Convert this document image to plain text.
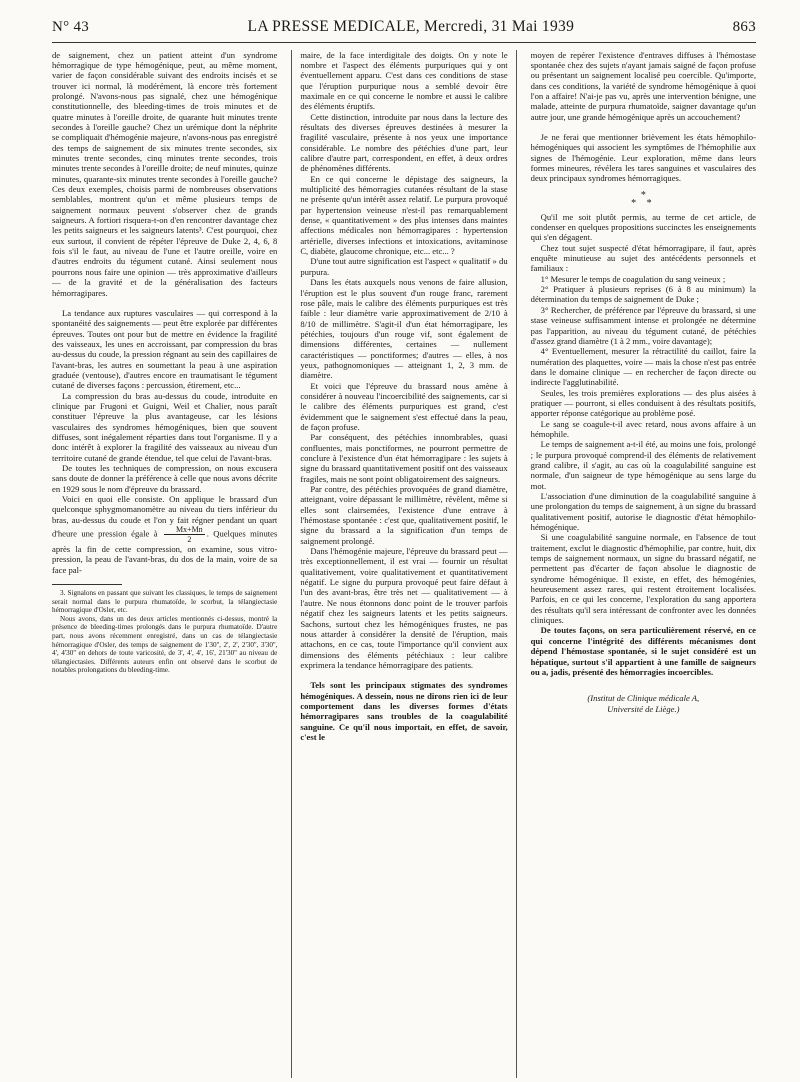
N° 43	LA PRESSE MEDICALE, Mercredi, 31 Mai 1939	863

de saignement, chez un patient atteint d'un syndrome hémorragique de type hémogénique, peut, au même moment, varier de façon considérable suivant des endroits incisés et se trouver ici normal, là modérément, là encore très fortement prolongé. N'avons-nous pas signalé, chez une hémogénique constitutionnelle, des bleeding-times de trois minutes et de quatre minutes à l'oreille droite, de quarante huit minutes trente secondes à l'oreille gauche? Chez un urémique dont la néphrite se compliquait d'hémogénie majeure, n'avons-nous pas enregistré des temps de saignement de six minutes trente secondes, six minutes trente secondes, cinq minutes trente secondes, trois minutes trente secondes à l'oreille droite; de neuf minutes, quinze minutes, quarante-six minutes trente secondes à l'oreille gauche? Ces deux exemples, choisis parmi de nombreuses observations semblables, montrent qu'un et même plusieurs temps de saignement normaux peuvent s'observer chez de grands saigneurs. A fortiori risquera-t-on d'en rencontrer davantage chez les petits saigneurs et les saigneurs latents³. C'est pourquoi, chez eux surtout, il convient de répéter l'épreuve de Duke 2, 4, 6, 8 fois s'il le faut, au niveau de l'une et l'autre oreille, voire en d'autres endroits du tégument cutané. Ainsi seulement nous pourrons nous faire une opinion — très approximative d'ailleurs — de la gravité et de la généralisation des facteurs hémorragipares.

La tendance aux ruptures vasculaires — qui correspond à la spontanéité des saignements — peut être explorée par différentes épreuves. Toutes ont pour but de mettre en évidence la fragilité des vaisseaux, les unes en accroissant, par compression du bras au-dessus du coude, la pression régnant au sein des capillaires de l'avant-bras, les autres en soumettant la peau à une aspiration graduée (ventouse), d'autres encore en traumatisant le tégument cutané de diverses façons : percussion, étirement, etc...

La compression du bras au-dessus du coude, introduite en clinique par Frugoni et Guigni, Weil et Chalier, nous paraît constituer l'épreuve la plus avantageuse, car les lésions vasculaires des syndromes hémogéniques, bien que souvent diffuses, sont inégalement réparties dans tout l'organisme. Il y a donc intérêt à explorer la fragilité des vaisseaux au niveau d'un territoire cutané de grande étendue, tel que celui de l'avant-bras.

De toutes les techniques de compression, on nous excusera sans doute de donner la préférence à celle que nous avons décrite en 1929 sous le nom d'épreuve du brassard.

Voici en quoi elle consiste. On applique le brassard d'un quelconque sphygmomanomètre au niveau du tiers inférieur du bras, au-dessus du coude et l'on y fait régner pendant un quart d'heure une pression égale à $\frac{Mx+Mn}{2}$ . Quelques minutes après la fin de cette compression, on examine, sous vitro-pression, la peau de l'avant-bras, du dos de la main, voire de sa face pal-

3. Signalons en passant que suivant les classiques, le temps de saignement serait normal dans le purpura rhumatoïde, le scorbut, la télangiectasie hémorragique d'Osler, etc.

Nous avons, dans un des deux articles mentionnés ci-dessus, montré la présence de bleeding-times prolongés dans le purpura rhumatoïde. D'autre part, nous avons récemment enregistré, dans un cas de télangiectasie hémorragique d'Osler, des temps de saignement de 1'30'', 2', 2', 2'30'', 3'30'', 4', 4'30'' en dehors de toute varicosité, de 3', 4', 4', 16', 21'30'' au niveau de télangiectasies. Différents auteurs enfin ont observé dans le scorbut de notables prolongations du bleeding-time.

maire, de la face interdigitale des doigts. On y note le nombre et l'aspect des éléments purpuriques qui y ont éventuellement apparu. C'est dans ces conditions de stase que l'éruption purpurique nous a semblé devoir être maximale en ce qui concerne le nombre et aussi le calibre des éléments éruptifs.

Cette distinction, introduite par nous dans la lecture des résultats des diverses épreuves destinées à mesurer la fragilité vasculaire, présente à nos yeux une importance considérable. Le nombre des pétéchies d'une part, leur calibre d'autre part, correspondent, en effet, à deux ordres de phénomènes différents.

En ce qui concerne le dépistage des saigneurs, la multiplicité des hémorragies cutanées résultant de la stase ne présente qu'un intérêt assez relatif. Le purpura provoqué par hypertension veineuse n'est-il pas remarquablement dense, « quantitativement » des plus intenses dans maintes affections médicales non hémorragipares : hypertension artérielle, diverses infections et intoxications, avitaminose C, diabète, glaucome chronique, etc... etc... ?

D'une tout autre signification est l'aspect « qualitatif » du purpura.

Dans les états auxquels nous venons de faire allusion, l'éruption est le plus souvent d'un rouge franc, rarement rose pâle, mais le calibre des éléments purpuriques est très faible : leur diamètre varie approximativement de 2/10 à 8/10 de millimètre. S'agit-il d'un état hémorragipare, les pétéchies, toujours d'un rouge vif, sont également de dimensions différentes, certaines — nullement caractéristiques — ponctiformes; d'autres — elles, à nos yeux, pathognomoniques — atteignant 1, 2, 3 mm. de diamètre.

Et voici que l'épreuve du brassard nous amène à considérer à nouveau l'incoercibilité des saignements, car si le calibre des éléments purpuriques est grand, c'est évidemment que le saignement s'est effectué dans la peau, de façon profuse.

Par conséquent, des pétéchies innombrables, quasi confluentes, mais ponctiformes, ne pourront permettre de conclure à l'existence d'un état hémorragipare : les sujets à signe du brassard quantitativement positif ont des vaisseaux fragiles, mais ne sont point obligatoirement des saigneurs.

Par contre, des pétéchies provoquées de grand diamètre, atteignant, voire dépassant le millimètre, révèlent, même si elles sont clairsemées, l'existence d'une entrave à l'hémostase spontanée : c'est que, qualitativement positif, le signe du brassard a la signification d'un temps de saignement prolongé.

Dans l'hémogénie majeure, l'épreuve du brassard peut — très exceptionnellement, il est vrai — fournir un résultat qualitativement, voire qualitativement et quantitativement négatif. Le signe du purpura provoqué peut faire défaut à l'un des avant-bras, être très net — qualitativement — à l'autre. Ne nous étonnons donc point de le trouver parfois négatif chez les saigneurs latents et les petits saigneurs. Sachons, surtout chez les hémogéniques frustes, ne pas nous attarder à considérer la densité de l'éruption, mais attachons, en ce cas, toute l'importance qu'il convient aux dimensions des éléments pétéchiaux : leur calibre exprimera la tendance hémorragipare des patients.

Tels sont les principaux stigmates des syndromes hémogéniques. A dessein, nous ne dirons rien ici de leur comportement dans les diverses formes d'états hémorragipares sans troubles de la coagulabilité sanguine. Ce qu'il nous importait, en effet, de savoir, c'est le

moyen de repérer l'existence d'entraves diffuses à l'hémostase spontanée chez des sujets n'ayant jamais saigné de façon profuse ou présentant un saignement localisé peu coercible. Qu'importe, dans ces conditions, la variété de syndrome hémogénique à quoi l'on a affaire! N'ai-je pas vu, après une intervention bénigne, une malade, atteinte de purpura rhumatoïde, saigner davantage qu'un autre jour, une grande hémogénique après un accouchement?

Je ne ferai que mentionner brièvement les états hémophilo-hémogéniques qui associent les symptômes de l'hémophilie aux signes de l'hémogénie. Leur exploration, même dans leurs formes mineures, révélera les tares sanguines et vasculaires des deux principaux syndromes hémorragiques.

*
* *

Qu'il me soit plutôt permis, au terme de cet article, de condenser en quelques propositions succinctes les enseignements qui s'en dégagent.

Chez tout sujet suspecté d'état hémorragipare, il faut, après enquête minutieuse au sujet des antécédents personnels et familiaux :

1° Mesurer le temps de coagulation du sang veineux ;

2° Pratiquer à plusieurs reprises (6 à 8 au minimum) la détermination du temps de saignement de Duke ;

3° Rechercher, de préférence par l'épreuve du brassard, si une stase veineuse suffisamment intense et prolongée ne détermine pas l'apparition, au niveau du tégument cutané, de pétéchies d'assez grand diamètre (1 à 2 mm., voire davantage);

4° Eventuellement, mesurer la rétractilité du caillot, faire la numération des plaquettes, voire — mais la chose n'est pas entrée dans le domaine clinique — en rechercher de façon directe ou indirecte l'agglutinabilité.

Seules, les trois premières explorations — des plus aisées à pratiquer — pourront, si elles conduisent à des résultats positifs, apporter réponse catégorique au problème posé.

Le sang se coagule-t-il avec retard, nous avons affaire à un hémophile.

Le temps de saignement a-t-il été, au moins une fois, prolongé ; le purpura provoqué comprend-il des éléments de relativement grand calibre, il s'agit, au cas où la coagulabilité sanguine est normale, d'un saigneur de type hémogénique au sens large du mot.

L'association d'une diminution de la coagulabilité sanguine à une prolongation du temps de saignement, à un signe du brassard qualitativement positif, autorise le diagnostic d'état hémophilo-hémogénique.

Si une coagulabilité sanguine normale, en l'absence de tout traitement, exclut le diagnostic d'hémophilie, par contre, huit, dix temps de saignement normaux, un signe du brassard négatif, ne permettent pas d'écarter de façon absolue le diagnostic de syndrome hémogénique. Il existe, en effet, des hémogénies, heureusement assez rares, qui restent étroitement localisées. Parfois, en ce qui les concerne, l'exploration du sang apportera des résultats qu'il sera intéressant de confronter avec les données cliniques.

De toutes façons, on sera particulièrement réservé, en ce qui concerne l'intégrité des différents mécanismes dont dépend l'hémostase spontanée, si le sujet considéré est un hépatique, surtout s'il appartient à une famille de saigneurs ou a, jadis, présenté des hémorragies incoercibles.

(Institut de Clinique médicale A,
Université de Liège.)
